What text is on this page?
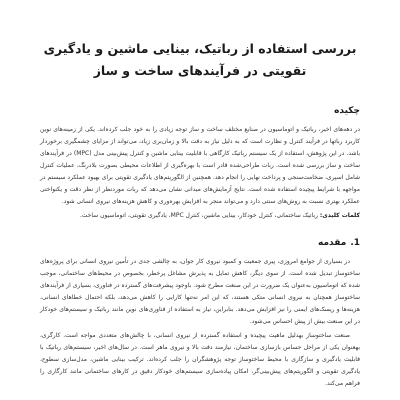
بررسی استفاده از رباتیک، بینایی ماشین و یادگیری تقویتی در فرآیندهای ساخت و ساز
چکیده

در دهه‌های اخیر، رباتیک و اتوماسیون در صنایع مختلف ساخت و ساز توجه زیادی را به خود جلب کرده‌اند. یکی از زمینه‌های نوین کاربرد رباتها در فرآیند کنترل و نظارت است که به دلیل نیاز به دقت بالا و زمان‌بری زیاد، می‌تواند از مزایای چشمگیری برخوردار باشد. در این پژوهش، استفاده از یک سیستم رباتیک کارگاهی با قابلیت بینایی ماشین و کنترل پیش‌بینی مدل (MPC) در فرآیندهای ساخت و ساز بررسی شده است. ربات طراحی‌شده قادر است با بهره‌گیری از اطلاعات محیطی بصورت بلادرنگ، عملیات کنترل شامل اسپری، ضخامت‌سنجی و پرداخت نهایی را انجام دهد. همچنین از الگوریتم‌های یادگیری تقویتی برای بهبود عملکرد سیستم در مواجهه با شرایط پیچیده استفاده شده است. نتایج آزمایش‌های میدانی نشان می‌دهد که ربات موردنظر از نظر دقت و یکنواختی عملکرد بهتری نسبت به روش‌های سنتی دارد و می‌تواند منجر به افزایش بهره‌وری و کاهش هزینه‌های نیروی انسانی شود.

کلمات کلیدی: رباتیک ساختمانی، کنترل خودکار، بینایی ماشین، کنترل MPC، یادگیری تقویتی، اتوماسیون ساخت.

1.
مقدمه

در بسیاری از جوامع امروزی، پیری جمعیت و کمبود نیروی کار جوان، به چالشی جدی در تأمین نیروی انسانی برای پروژه‌های ساختوساز تبدیل شده است. از سوی دیگر، کاهش تمایل به پذیرش مشاغل پرخطر، بخصوص در محیط‌های ساختمانی، موجب شده که اتوماسیون به‌عنوان یک ضرورت در این صنعت مطرح شود. باوجود پیشرفت‌های گسترده در فناوری، بسیاری از فرآیندهای ساختوساز همچنان به نیروی انسانی متکی هستند، که این امر نه‌تنها کارایی را کاهش می‌دهد، بلکه احتمال خطاهای انسانی، هزینه‌ها و ریسک‌های ایمنی را نیز افزایش می‌دهد. بنابراین، نیاز به استفاده از فناوری‌های نوین مانند رباتیک و سیستم‌های خودکار در این صنعت بیش از پیش احساس می‌شود.

صنعت ساختوساز بهدلیل ماهیت پیچیده و استفاده گسترده از نیروی انسانی، با چالش‌های متعددی مواجه است. کارگری، بهعنوان یکی از مراحل حساس بازسازی ساختمان، نیازمند دقت بالا و نیروی ماهر است. در سال‌های اخیر، سیستم‌های رباتیک با قابلیت یادگیری و سازگاری با محیط ساختوساز توجه پژوهشگران را جلب کرده‌اند. ترکیب بینایی ماشین، مدل‌سازی سطوح، یادگیری تقویتی و الگوریتم‌های پیش‌بینی‌گر، امکان پیاده‌سازی سیستم‌های خودکار دقیق در کارهای ساختمانی مانند کارگاری را فراهم می‌کند.
